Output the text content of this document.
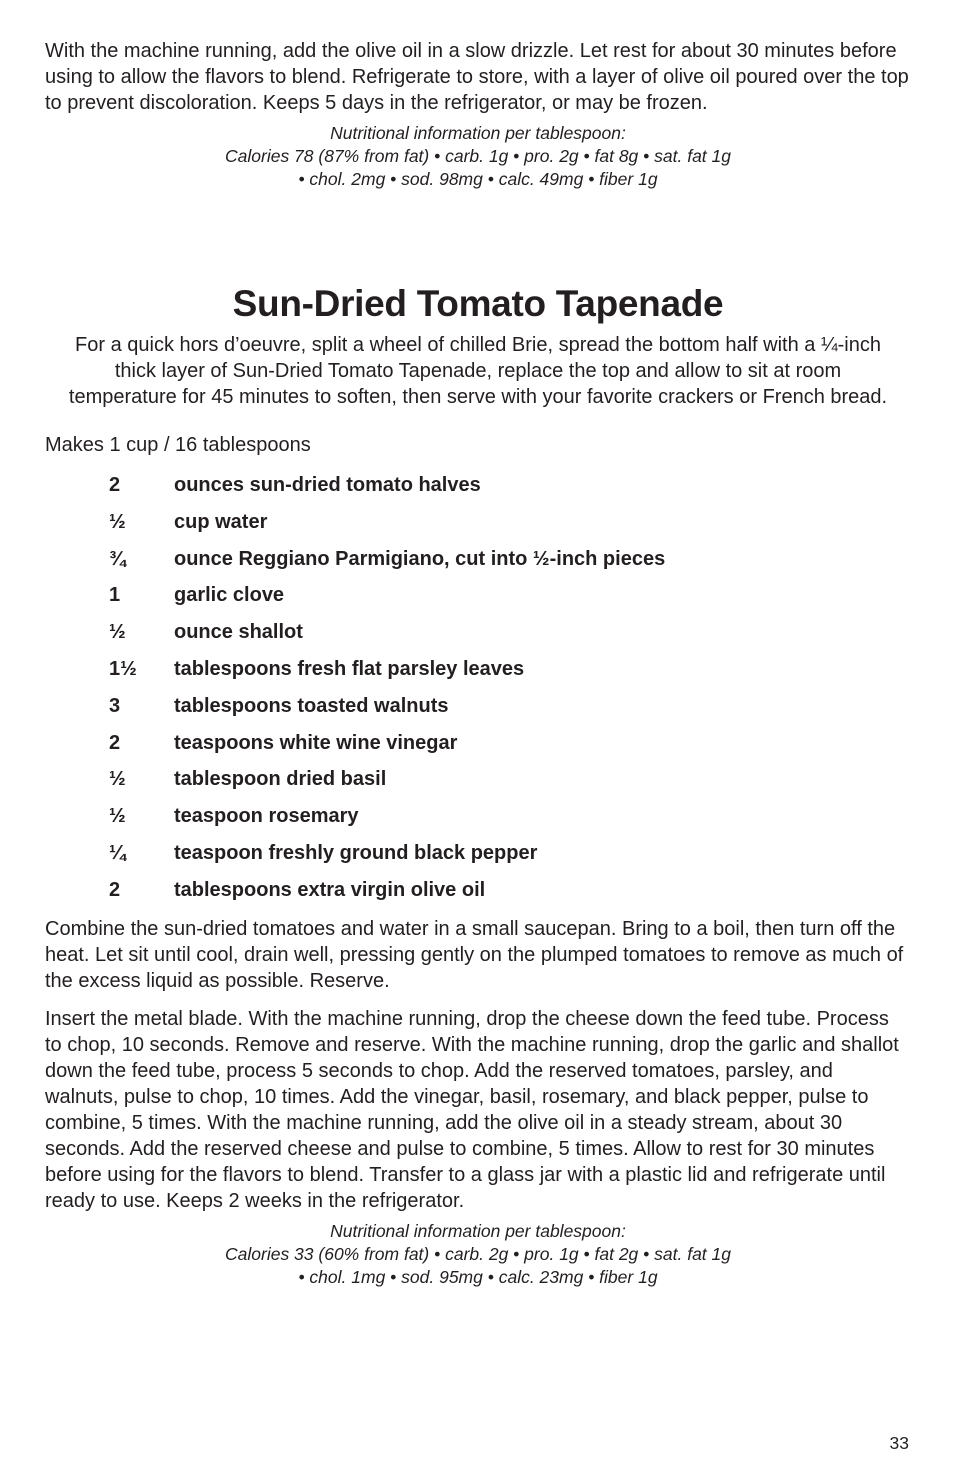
With the machine running, add the olive oil in a slow drizzle. Let rest for about 30 minutes before using to allow the flavors to blend. Refrigerate to store, with a layer of olive oil poured over the top to prevent discoloration. Keeps 5 days in the refrigerator, or may be frozen.

Nutritional information per tablespoon:
Calories 78 (87% from fat) • carb. 1g • pro. 2g • fat 8g • sat. fat 1g
• chol. 2mg • sod. 98mg • calc. 49mg • fiber 1g
Sun-Dried Tomato Tapenade

For a quick hors d’oeuvre, split a wheel of chilled Brie, spread the bottom half with a ¼-inch thick layer of Sun-Dried Tomato Tapenade, replace the top and allow to sit at room temperature for 45 minutes to soften, then serve with your favorite crackers or French bread.

Makes 1 cup / 16 tablespoons

2	ounces sun-dried tomato halves
½	cup water
¾	ounce Reggiano Parmigiano, cut into ½-inch pieces
1	garlic clove
½	ounce shallot
1½	tablespoons fresh flat parsley leaves
3	tablespoons toasted walnuts
2	teaspoons white wine vinegar
½	tablespoon dried basil
½	teaspoon rosemary
¼	teaspoon freshly ground black pepper
2	tablespoons extra virgin olive oil

Combine the sun-dried tomatoes and water in a small saucepan. Bring to a boil, then turn off the heat. Let sit until cool, drain well, pressing gently on the plumped tomatoes to remove as much of the excess liquid as possible. Reserve.

Insert the metal blade. With the machine running, drop the cheese down the feed tube. Process to chop, 10 seconds. Remove and reserve. With the machine running, drop the garlic and shallot down the feed tube, process 5 seconds to chop. Add the reserved tomatoes, parsley, and walnuts, pulse to chop, 10 times. Add the vinegar, basil, rosemary, and black pepper, pulse to combine, 5 times. With the machine running, add the olive oil in a steady stream, about 30 seconds. Add the reserved cheese and pulse to combine, 5 times. Allow to rest for 30 minutes before using for the flavors to blend. Transfer to a glass jar with a plastic lid and refrigerate until ready to use. Keeps 2 weeks in the refrigerator.

Nutritional information per tablespoon:
Calories 33 (60% from fat) • carb. 2g • pro. 1g • fat 2g • sat. fat 1g
• chol. 1mg • sod. 95mg • calc. 23mg • fiber 1g
33
